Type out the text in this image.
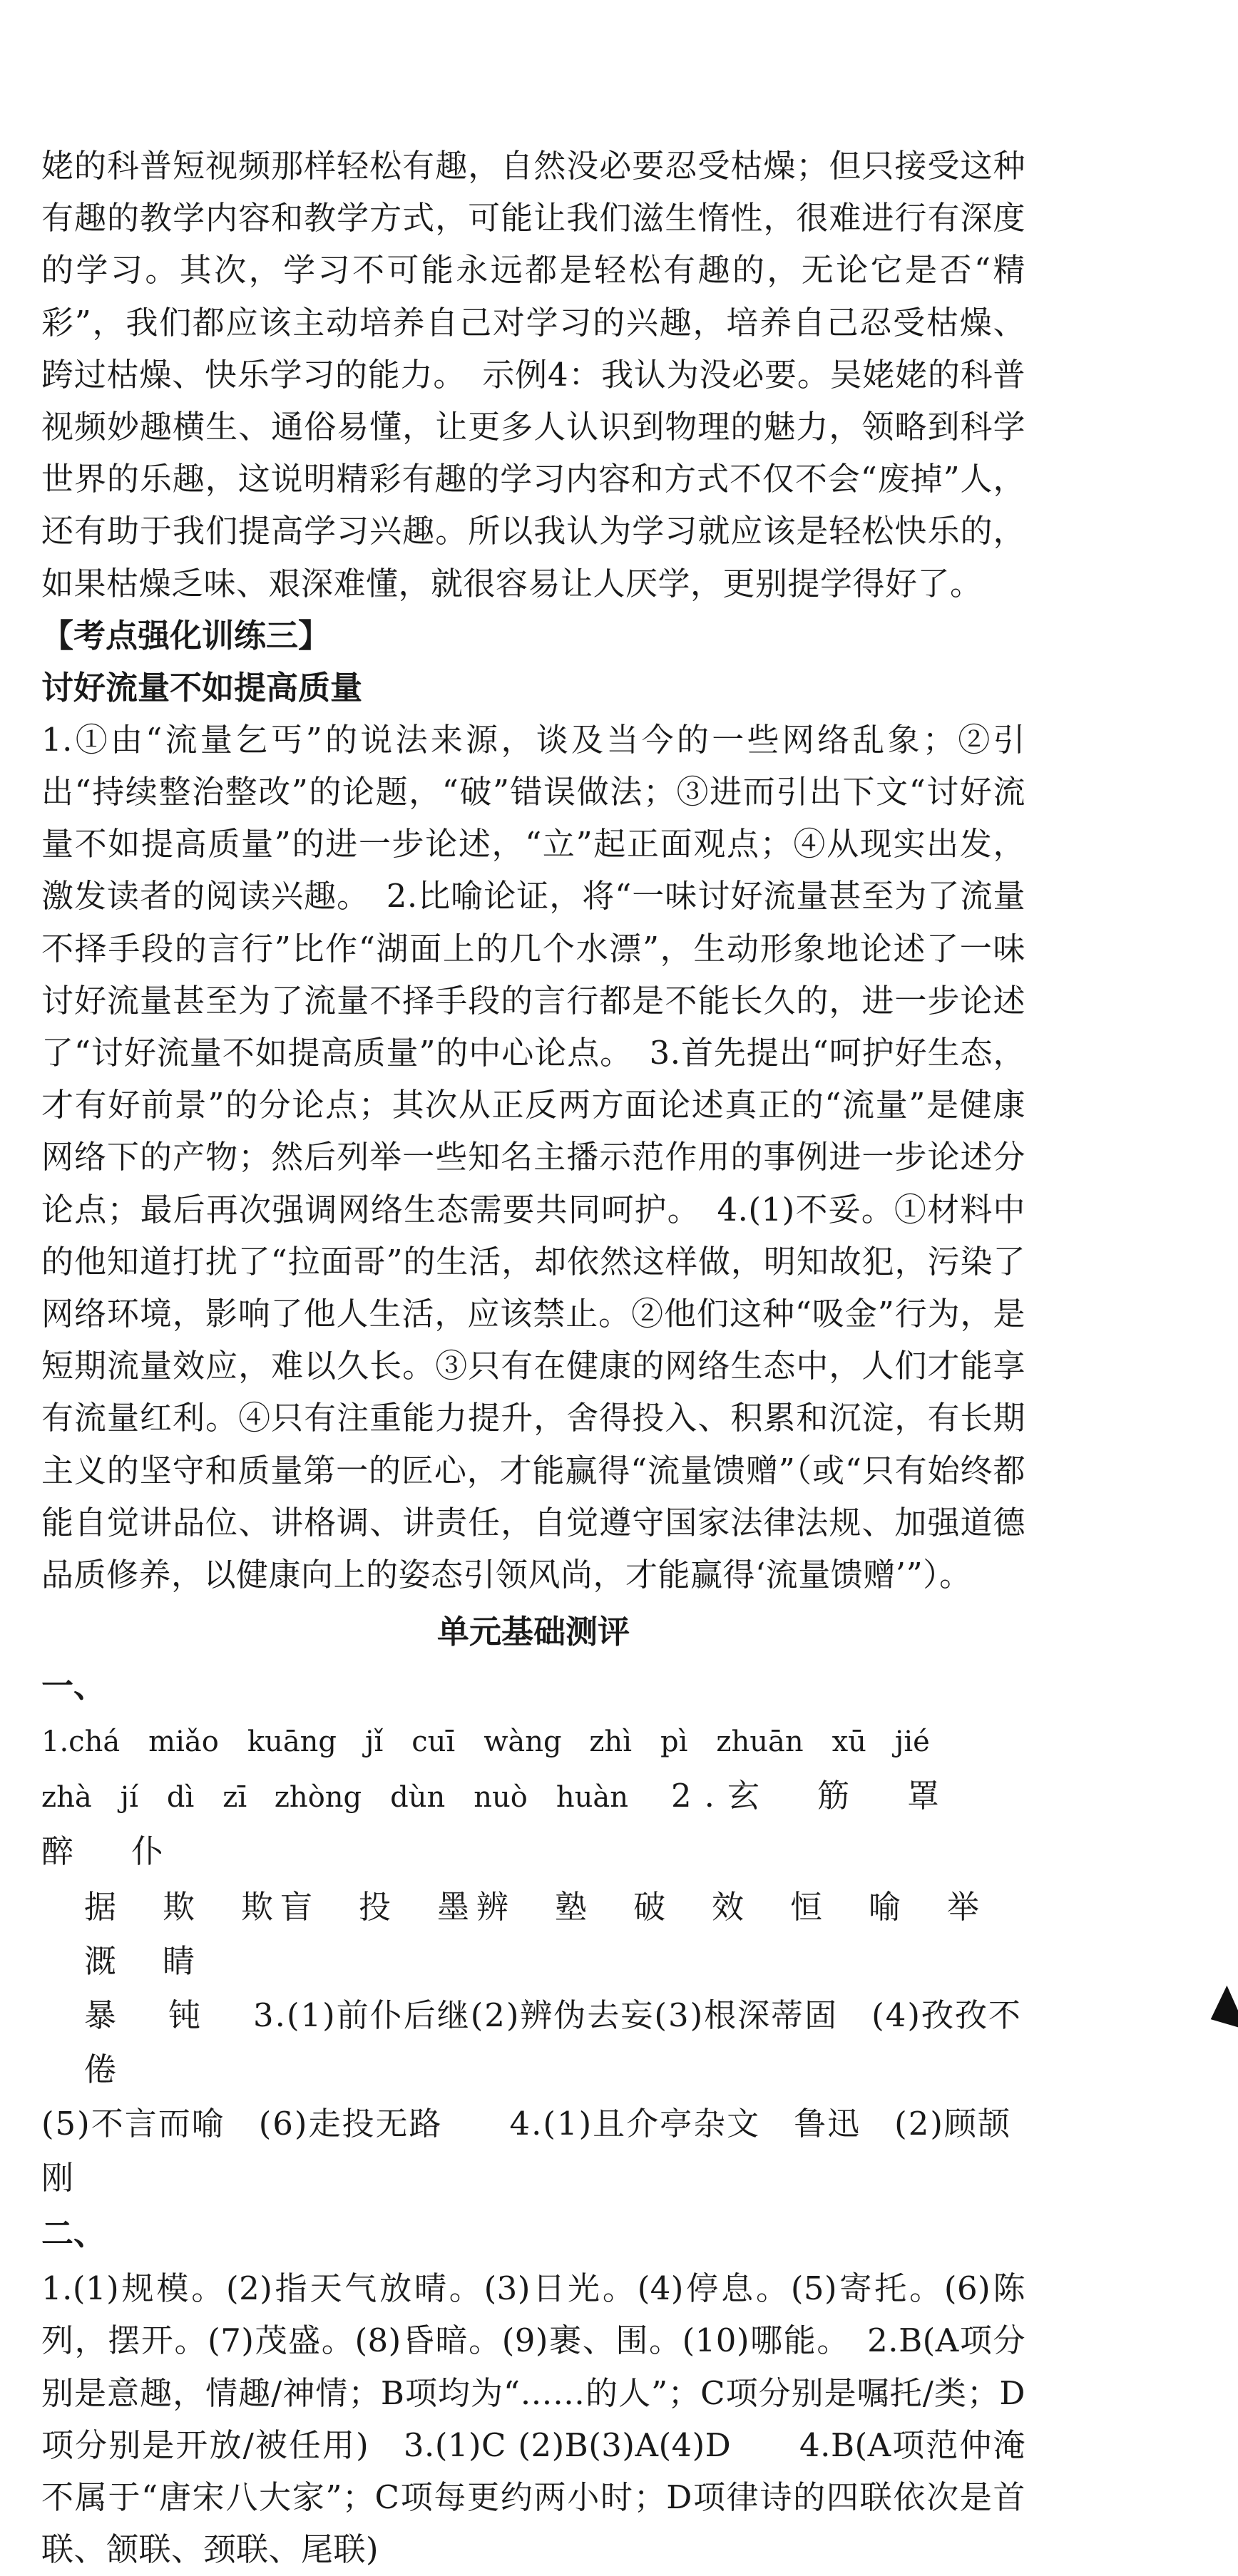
姥的科普短视频那样轻松有趣，自然没必要忍受枯燥；但只接受这种有趣的教学内容和教学方式，可能让我们滋生惰性，很难进行有深度的学习。其次，学习不可能永远都是轻松有趣的，无论它是否“精彩”，我们都应该主动培养自己对学习的兴趣，培养自己忍受枯燥、跨过枯燥、快乐学习的能力。　示例4：我认为没必要。吴姥姥的科普视频妙趣横生、通俗易懂，让更多人认识到物理的魅力，领略到科学世界的乐趣，这说明精彩有趣的学习内容和方式不仅不会“废掉”人，还有助于我们提高学习兴趣。所以我认为学习就应该是轻松快乐的，如果枯燥乏味、艰深难懂，就很容易让人厌学，更别提学得好了。

【考点强化训练三】

讨好流量不如提高质量

1.①由“流量乞丐”的说法来源，谈及当今的一些网络乱象；②引出“持续整治整改”的论题，“破”错误做法；③进而引出下文“讨好流量不如提高质量”的进一步论述，“立”起正面观点；④从现实出发，激发读者的阅读兴趣。　2.比喻论证，将“一味讨好流量甚至为了流量不择手段的言行”比作“湖面上的几个水漂”，生动形象地论述了一味讨好流量甚至为了流量不择手段的言行都是不能长久的，进一步论述了“讨好流量不如提高质量”的中心论点。　3.首先提出“呵护好生态，才有好前景”的分论点；其次从正反两方面论述真正的“流量”是健康网络下的产物；然后列举一些知名主播示范作用的事例进一步论述分论点；最后再次强调网络生态需要共同呵护。　4.(1)不妥。①材料中的他知道打扰了“拉面哥”的生活，却依然这样做，明知故犯，污染了网络环境，影响了他人生活，应该禁止。②他们这种“吸金”行为，是短期流量效应，难以久长。③只有在健康的网络生态中，人们才能享有流量红利。④只有注重能力提升，舍得投入、积累和沉淀，有长期主义的坚守和质量第一的匠心，才能赢得“流量馈赠”（或“只有始终都能自觉讲品位、讲格调、讲责任，自觉遵守国家法律法规、加强道德品质修养，以健康向上的姿态引领风尚，才能赢得‘流量馈赠’”）。

单元基础测评

一、

1.chá　miǎo　kuāng　jǐ　cuī　wàng zhì　pì　zhuān　xū　jié

zhà　jí　dì　zī zhòng　dùn　nuò　huàn 2.玄　筋　罩　醉　仆

据　欺　欺盲　投　墨辨　塾　破　效　恒　喻　举　溉　睛

暴　钝 3.(1)前仆后继(2)辨伪去妄(3)根深蒂固　(4)孜孜不倦

(5)不言而喻　(6)走投无路　　4.(1)且介亭杂文　鲁迅　(2)顾颉刚

二、

1.(1)规模。(2)指天气放晴。(3)日光。(4)停息。(5)寄托。(6)陈列，摆开。(7)茂盛。(8)昏暗。(9)裹、围。(10)哪能。　2.B(A项分别是意趣，情趣/神情；B项均为“……的人”；C项分别是嘱托/类；D项分别是开放/被任用)　3.(1)C (2)B(3)A(4)D　　4.B(A项范仲淹不属于“唐宋八大家”；C项每更约两小时；D项律诗的四联依次是首联、颔联、颈联、尾联)
